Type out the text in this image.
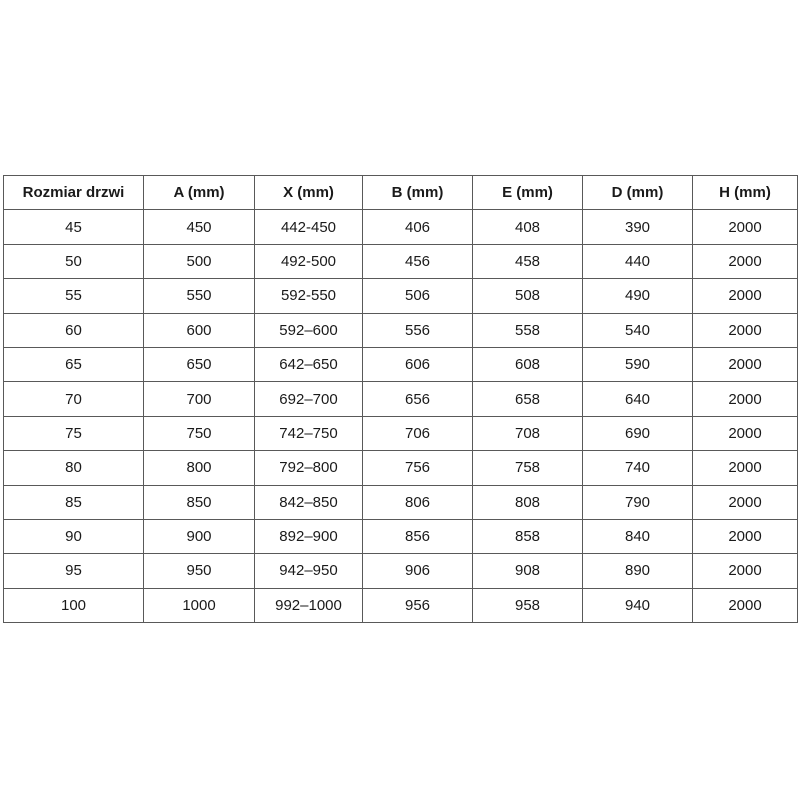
Rozmiar drzwi	A (mm)	X (mm)	B (mm)	E (mm)	D (mm)	H (mm)
45	450	442-450	406	408	390	2000
50	500	492-500	456	458	440	2000
55	550	592-550	506	508	490	2000
60	600	592–600	556	558	540	2000
65	650	642–650	606	608	590	2000
70	700	692–700	656	658	640	2000
75	750	742–750	706	708	690	2000
80	800	792–800	756	758	740	2000
85	850	842–850	806	808	790	2000
90	900	892–900	856	858	840	2000
95	950	942–950	906	908	890	2000
100	1000	992–1000	956	958	940	2000
